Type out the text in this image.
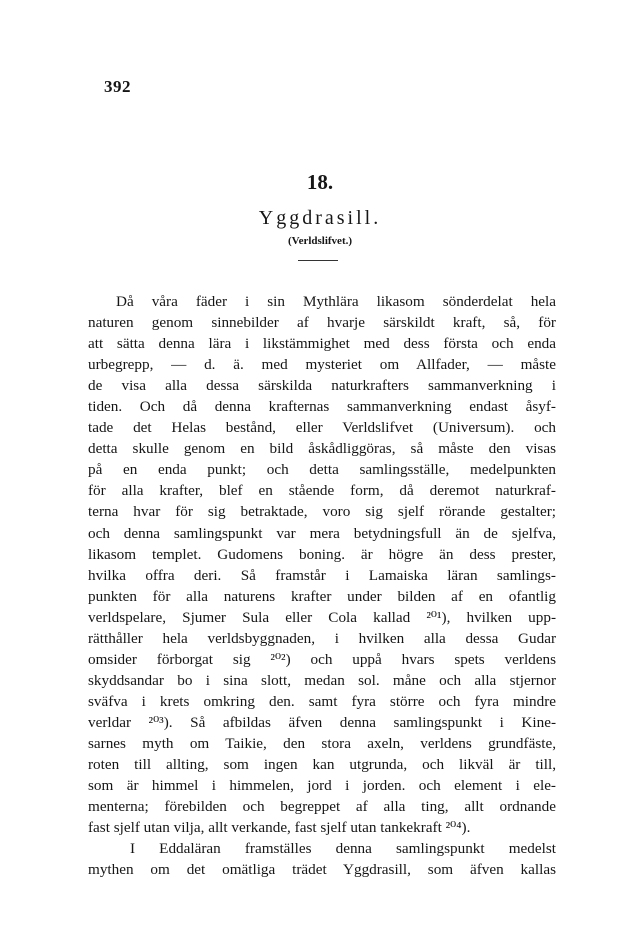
392
18.
Yggdrasill.
(Verldslifvet.)
Då våra fäder i sin Mythlära likasom sönderdelat hela
naturen genom sinnebilder af hvarje särskildt kraft, så, för
att sätta denna lära i likstämmighet med dess första och enda
urbegrepp, — d. ä. med mysteriet om Allfader, — måste
de visa alla dessa särskilda naturkrafters sammanverkning i
tiden. Och då denna krafternas sammanverkning endast åsyf-
tade det Helas bestånd, eller Verldslifvet (Universum). och
detta skulle genom en bild åskådliggöras, så måste den visas
på en enda punkt; och detta samlingsställe, medelpunkten
för alla krafter, blef en stående form, då deremot naturkraf-
terna hvar för sig betraktade, voro sig sjelf rörande gestalter;
och denna samlingspunkt var mera betydningsfull än de sjelfva,
likasom templet. Gudomens boning. är högre än dess prester,
hvilka offra deri. Så framstår i Lamaiska läran samlings-
punkten för alla naturens krafter under bilden af en ofantlig
verldspelare, Sjumer Sula eller Cola kallad ²⁰¹), hvilken upp-
rätthåller hela verldsbyggnaden, i hvilken alla dessa Gudar
omsider förborgat sig ²⁰²) och uppå hvars spets verldens
skyddsandar bo i sina slott, medan sol. måne och alla stjernor
sväfva i krets omkring den. samt fyra större och fyra mindre
verldar ²⁰³). Så afbildas äfven denna samlingspunkt i Kine-
sarnes myth om Taikie, den stora axeln, verldens grundfäste,
roten till allting, som ingen kan utgrunda, och likväl är till,
som är himmel i himmelen, jord i jorden. och element i ele-
menterna; förebilden och begreppet af alla ting, allt ordnande
fast sjelf utan vilja, allt verkande, fast sjelf utan tankekraft ²⁰⁴).
I Eddaläran framställes denna samlingspunkt medelst
mythen om det omätliga trädet Yggdrasill, som äfven kallas
